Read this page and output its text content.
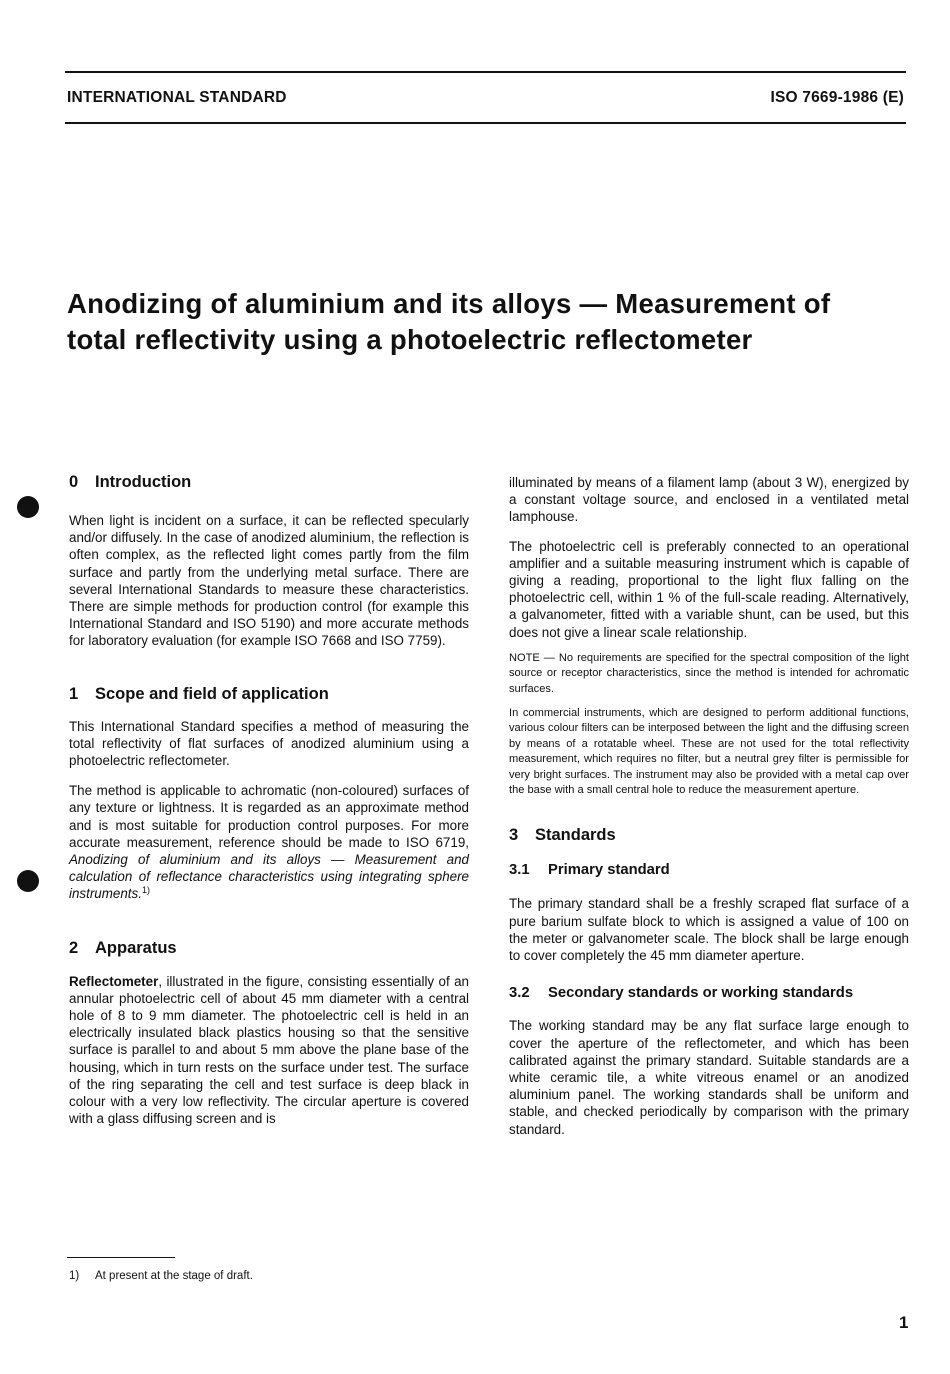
INTERNATIONAL STANDARD	ISO 7669-1986 (E)
Anodizing of aluminium and its alloys — Measurement of
total reflectivity using a photoelectric reflectometer
0 Introduction

When light is incident on a surface, it can be reflected specularly and/or diffusely. In the case of anodized aluminium, the reflection is often complex, as the reflected light comes partly from the film surface and partly from the underlying metal surface. There are several International Standards to measure these characteristics. There are simple methods for production control (for example this International Standard and ISO 5190) and more accurate methods for laboratory evaluation (for example ISO 7668 and ISO 7759).

1 Scope and field of application

This International Standard specifies a method of measuring the total reflectivity of flat surfaces of anodized aluminium using a photoelectric reflectometer.

The method is applicable to achromatic (non-coloured) surfaces of any texture or lightness. It is regarded as an approximate method and is most suitable for production control purposes. For more accurate measurement, reference should be made to ISO 6719, Anodizing of aluminium and its alloys — Measurement and calculation of reflectance characteristics using integrating sphere instruments.$^{1)}$

2 Apparatus

Reflectometer, illustrated in the figure, consisting essentially of an annular photoelectric cell of about 45 mm diameter with a central hole of 8 to 9 mm diameter. The photoelectric cell is held in an electrically insulated black plastics housing so that the sensitive surface is parallel to and about 5 mm above the plane base of the housing, which in turn rests on the surface under test. The surface of the ring separating the cell and test surface is deep black in colour with a very low reflectivity. The circular aperture is covered with a glass diffusing screen and is

illuminated by means of a filament lamp (about 3 W), energized by a constant voltage source, and enclosed in a ventilated metal lamphouse.

The photoelectric cell is preferably connected to an operational amplifier and a suitable measuring instrument which is capable of giving a reading, proportional to the light flux falling on the photoelectric cell, within 1 % of the full-scale reading. Alternatively, a galvanometer, fitted with a variable shunt, can be used, but this does not give a linear scale relationship.

NOTE — No requirements are specified for the spectral composition of the light source or receptor characteristics, since the method is intended for achromatic surfaces.

In commercial instruments, which are designed to perform additional functions, various colour filters can be interposed between the light and the diffusing screen by means of a rotatable wheel. These are not used for the total reflectivity measurement, which requires no filter, but a neutral grey filter is permissible for very bright surfaces. The instrument may also be provided with a metal cap over the base with a small central hole to reduce the measurement aperture.

3 Standards
3.1 Primary standard

The primary standard shall be a freshly scraped flat surface of a pure barium sulfate block to which is assigned a value of 100 on the meter or galvanometer scale. The block shall be large enough to cover completely the 45 mm diameter aperture.

3.2 Secondary standards or working standards

The working standard may be any flat surface large enough to cover the aperture of the reflectometer, and which has been calibrated against the primary standard. Suitable standards are a white ceramic tile, a white vitreous enamel or an anodized aluminium panel. The working standards shall be uniform and stable, and checked periodically by comparison with the primary standard.

1) At present at the stage of draft.
1
